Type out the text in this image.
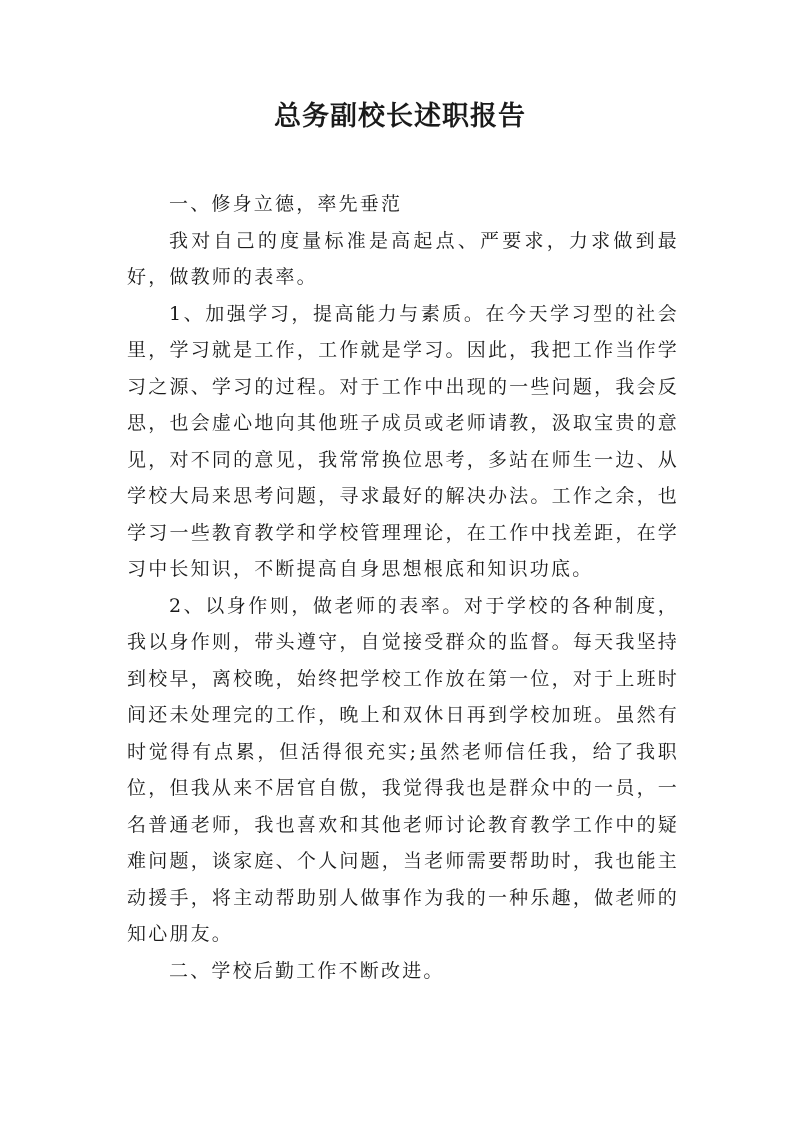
总务副校长述职报告

一、修身立德，率先垂范

我对自己的度量标准是高起点、严要求，力求做到最好，做教师的表率。

1、加强学习，提高能力与素质。在今天学习型的社会里，学习就是工作，工作就是学习。因此，我把工作当作学习之源、学习的过程。对于工作中出现的一些问题，我会反思，也会虚心地向其他班子成员或老师请教，汲取宝贵的意见，对不同的意见，我常常换位思考，多站在师生一边、从学校大局来思考问题，寻求最好的解决办法。工作之余，也学习一些教育教学和学校管理理论，在工作中找差距，在学习中长知识，不断提高自身思想根底和知识功底。

2、以身作则，做老师的表率。对于学校的各种制度，我以身作则，带头遵守，自觉接受群众的监督。每天我坚持到校早，离校晚，始终把学校工作放在第一位，对于上班时间还未处理完的工作，晚上和双休日再到学校加班。虽然有时觉得有点累，但活得很充实;虽然老师信任我，给了我职位，但我从来不居官自傲，我觉得我也是群众中的一员，一名普通老师，我也喜欢和其他老师讨论教育教学工作中的疑难问题，谈家庭、个人问题，当老师需要帮助时，我也能主动援手，将主动帮助别人做事作为我的一种乐趣，做老师的知心朋友。

二、学校后勤工作不断改进。
